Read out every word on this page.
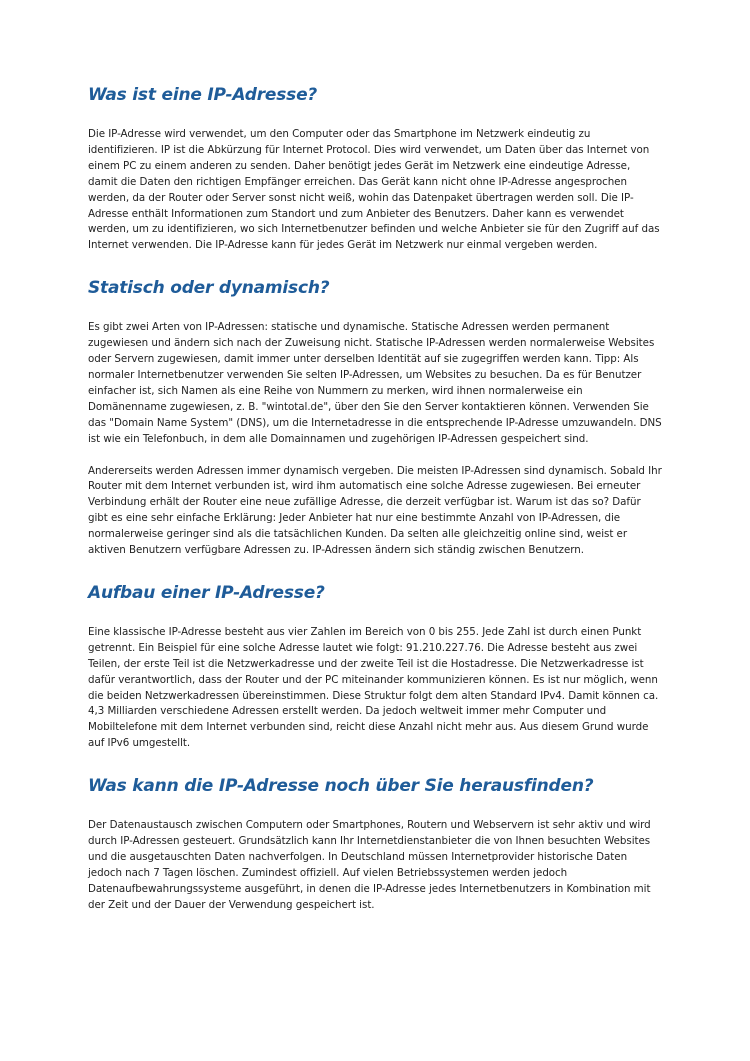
Was ist eine IP-Adresse?

Die IP-Adresse wird verwendet, um den Computer oder das Smartphone im Netzwerk eindeutig zu identifizieren. IP ist die Abkürzung für Internet Protocol. Dies wird verwendet, um Daten über das Internet von einem PC zu einem anderen zu senden. Daher benötigt jedes Gerät im Netzwerk eine eindeutige Adresse, damit die Daten den richtigen Empfänger erreichen. Das Gerät kann nicht ohne IP-Adresse angesprochen werden, da der Router oder Server sonst nicht weiß, wohin das Datenpaket übertragen werden soll. Die IP-Adresse enthält Informationen zum Standort und zum Anbieter des Benutzers. Daher kann es verwendet werden, um zu identifizieren, wo sich Internetbenutzer befinden und welche Anbieter sie für den Zugriff auf das Internet verwenden. Die IP-Adresse kann für jedes Gerät im Netzwerk nur einmal vergeben werden.

Statisch oder dynamisch?

Es gibt zwei Arten von IP-Adressen: statische und dynamische. Statische Adressen werden permanent zugewiesen und ändern sich nach der Zuweisung nicht. Statische IP-Adressen werden normalerweise Websites oder Servern zugewiesen, damit immer unter derselben Identität auf sie zugegriffen werden kann. Tipp: Als normaler Internetbenutzer verwenden Sie selten IP-Adressen, um Websites zu besuchen. Da es für Benutzer einfacher ist, sich Namen als eine Reihe von Nummern zu merken, wird ihnen normalerweise ein Domänenname zugewiesen, z. B. "wintotal.de", über den Sie den Server kontaktieren können. Verwenden Sie das "Domain Name System" (DNS), um die Internetadresse in die entsprechende IP-Adresse umzuwandeln. DNS ist wie ein Telefonbuch, in dem alle Domainnamen und zugehörigen IP-Adressen gespeichert sind.

Andererseits werden Adressen immer dynamisch vergeben. Die meisten IP-Adressen sind dynamisch. Sobald Ihr Router mit dem Internet verbunden ist, wird ihm automatisch eine solche Adresse zugewiesen. Bei erneuter Verbindung erhält der Router eine neue zufällige Adresse, die derzeit verfügbar ist. Warum ist das so? Dafür gibt es eine sehr einfache Erklärung: Jeder Anbieter hat nur eine bestimmte Anzahl von IP-Adressen, die normalerweise geringer sind als die tatsächlichen Kunden. Da selten alle gleichzeitig online sind, weist er aktiven Benutzern verfügbare Adressen zu. IP-Adressen ändern sich ständig zwischen Benutzern.

Aufbau einer IP-Adresse?

Eine klassische IP-Adresse besteht aus vier Zahlen im Bereich von 0 bis 255. Jede Zahl ist durch einen Punkt getrennt. Ein Beispiel für eine solche Adresse lautet wie folgt: 91.210.227.76. Die Adresse besteht aus zwei Teilen, der erste Teil ist die Netzwerkadresse und der zweite Teil ist die Hostadresse. Die Netzwerkadresse ist dafür verantwortlich, dass der Router und der PC miteinander kommunizieren können. Es ist nur möglich, wenn die beiden Netzwerkadressen übereinstimmen. Diese Struktur folgt dem alten Standard IPv4. Damit können ca. 4,3 Milliarden verschiedene Adressen erstellt werden. Da jedoch weltweit immer mehr Computer und Mobiltelefone mit dem Internet verbunden sind, reicht diese Anzahl nicht mehr aus. Aus diesem Grund wurde auf IPv6 umgestellt.

Was kann die IP-Adresse noch über Sie herausfinden?

Der Datenaustausch zwischen Computern oder Smartphones, Routern und Webservern ist sehr aktiv und wird durch IP-Adressen gesteuert. Grundsätzlich kann Ihr Internetdienstanbieter die von Ihnen besuchten Websites und die ausgetauschten Daten nachverfolgen. In Deutschland müssen Internetprovider historische Daten jedoch nach 7 Tagen löschen. Zumindest offiziell. Auf vielen Betriebssystemen werden jedoch Datenaufbewahrungssysteme ausgeführt, in denen die IP-Adresse jedes Internetbenutzers in Kombination mit der Zeit und der Dauer der Verwendung gespeichert ist.
